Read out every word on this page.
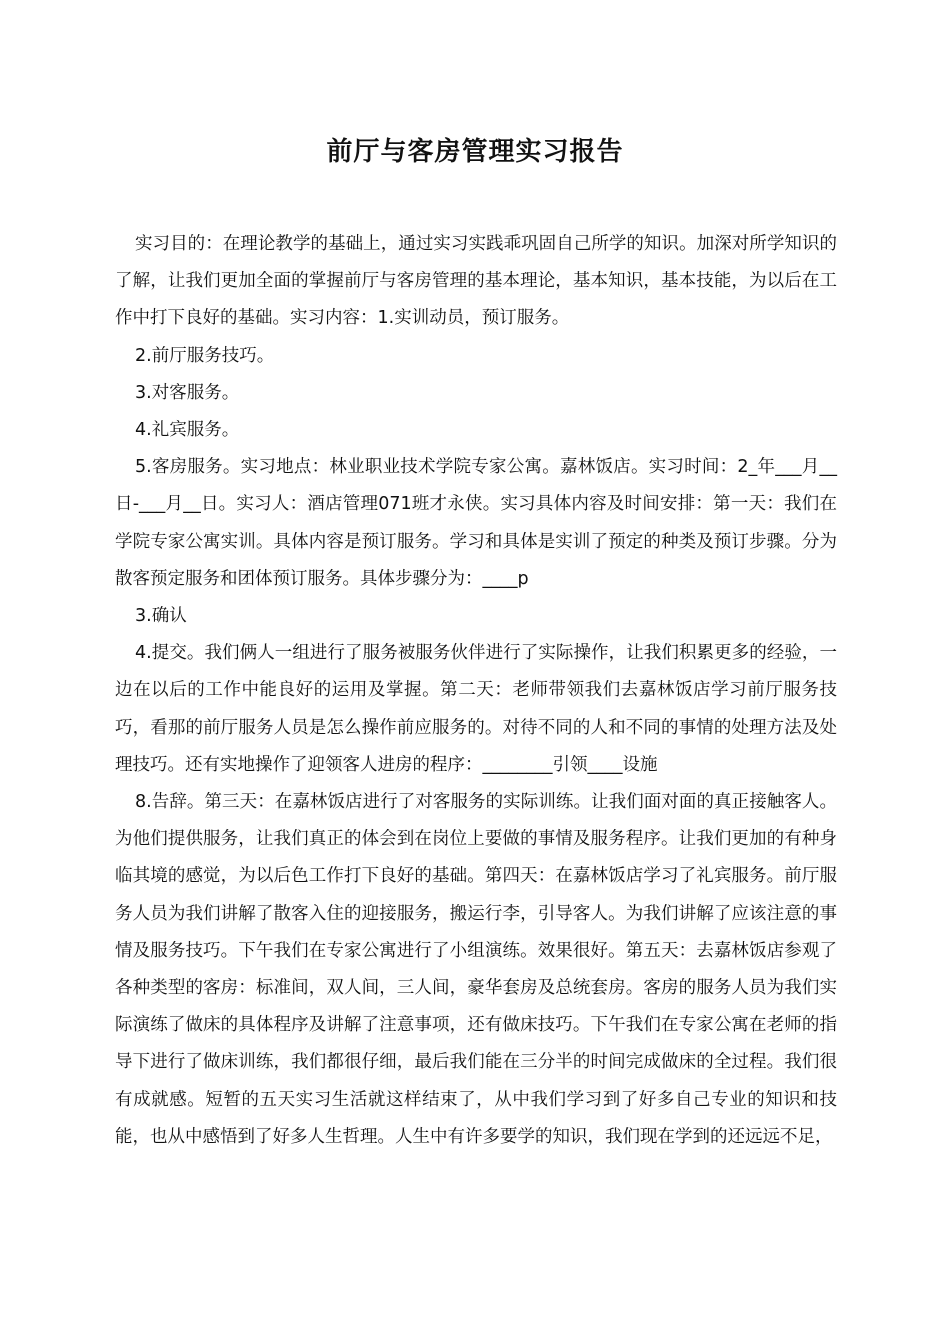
前厅与客房管理实习报告

实习目的：在理论教学的基础上，通过实习实践乖巩固自己所学的知识。加深对所学知识的了解，让我们更加全面的掌握前厅与客房管理的基本理论，基本知识，基本技能，为以后在工作中打下良好的基础。实习内容：1.实训动员，预订服务。

2.前厅服务技巧。

3.对客服务。

4.礼宾服务。

5.客房服务。实习地点：林业职业技术学院专家公寓。嘉林饭店。实习时间：2_年___月__日-___月__日。实习人：酒店管理071班才永侠。实习具体内容及时间安排：第一天：我们在学院专家公寓实训。具体内容是预订服务。学习和具体是实训了预定的种类及预订步骤。分为散客预定服务和团体预订服务。具体步骤分为：____p

3.确认

4.提交。我们俩人一组进行了服务被服务伙伴进行了实际操作，让我们积累更多的经验，一边在以后的工作中能良好的运用及掌握。第二天：老师带领我们去嘉林饭店学习前厅服务技巧，看那的前厅服务人员是怎么操作前应服务的。对待不同的人和不同的事情的处理方法及处理技巧。还有实地操作了迎领客人进房的程序：________引领____设施

8.告辞。第三天：在嘉林饭店进行了对客服务的实际训练。让我们面对面的真正接触客人。为他们提供服务，让我们真正的体会到在岗位上要做的事情及服务程序。让我们更加的有种身临其境的感觉，为以后色工作打下良好的基础。第四天：在嘉林饭店学习了礼宾服务。前厅服务人员为我们讲解了散客入住的迎接服务，搬运行李，引导客人。为我们讲解了应该注意的事情及服务技巧。下午我们在专家公寓进行了小组演练。效果很好。第五天：去嘉林饭店参观了各种类型的客房：标准间，双人间，三人间，豪华套房及总统套房。客房的服务人员为我们实际演练了做床的具体程序及讲解了注意事项，还有做床技巧。下午我们在专家公寓在老师的指导下进行了做床训练，我们都很仔细，最后我们能在三分半的时间完成做床的全过程。我们很有成就感。短暂的五天实习生活就这样结束了，从中我们学习到了好多自己专业的知识和技能，也从中感悟到了好多人生哲理。人生中有许多要学的知识，我们现在学到的还远远不足，
